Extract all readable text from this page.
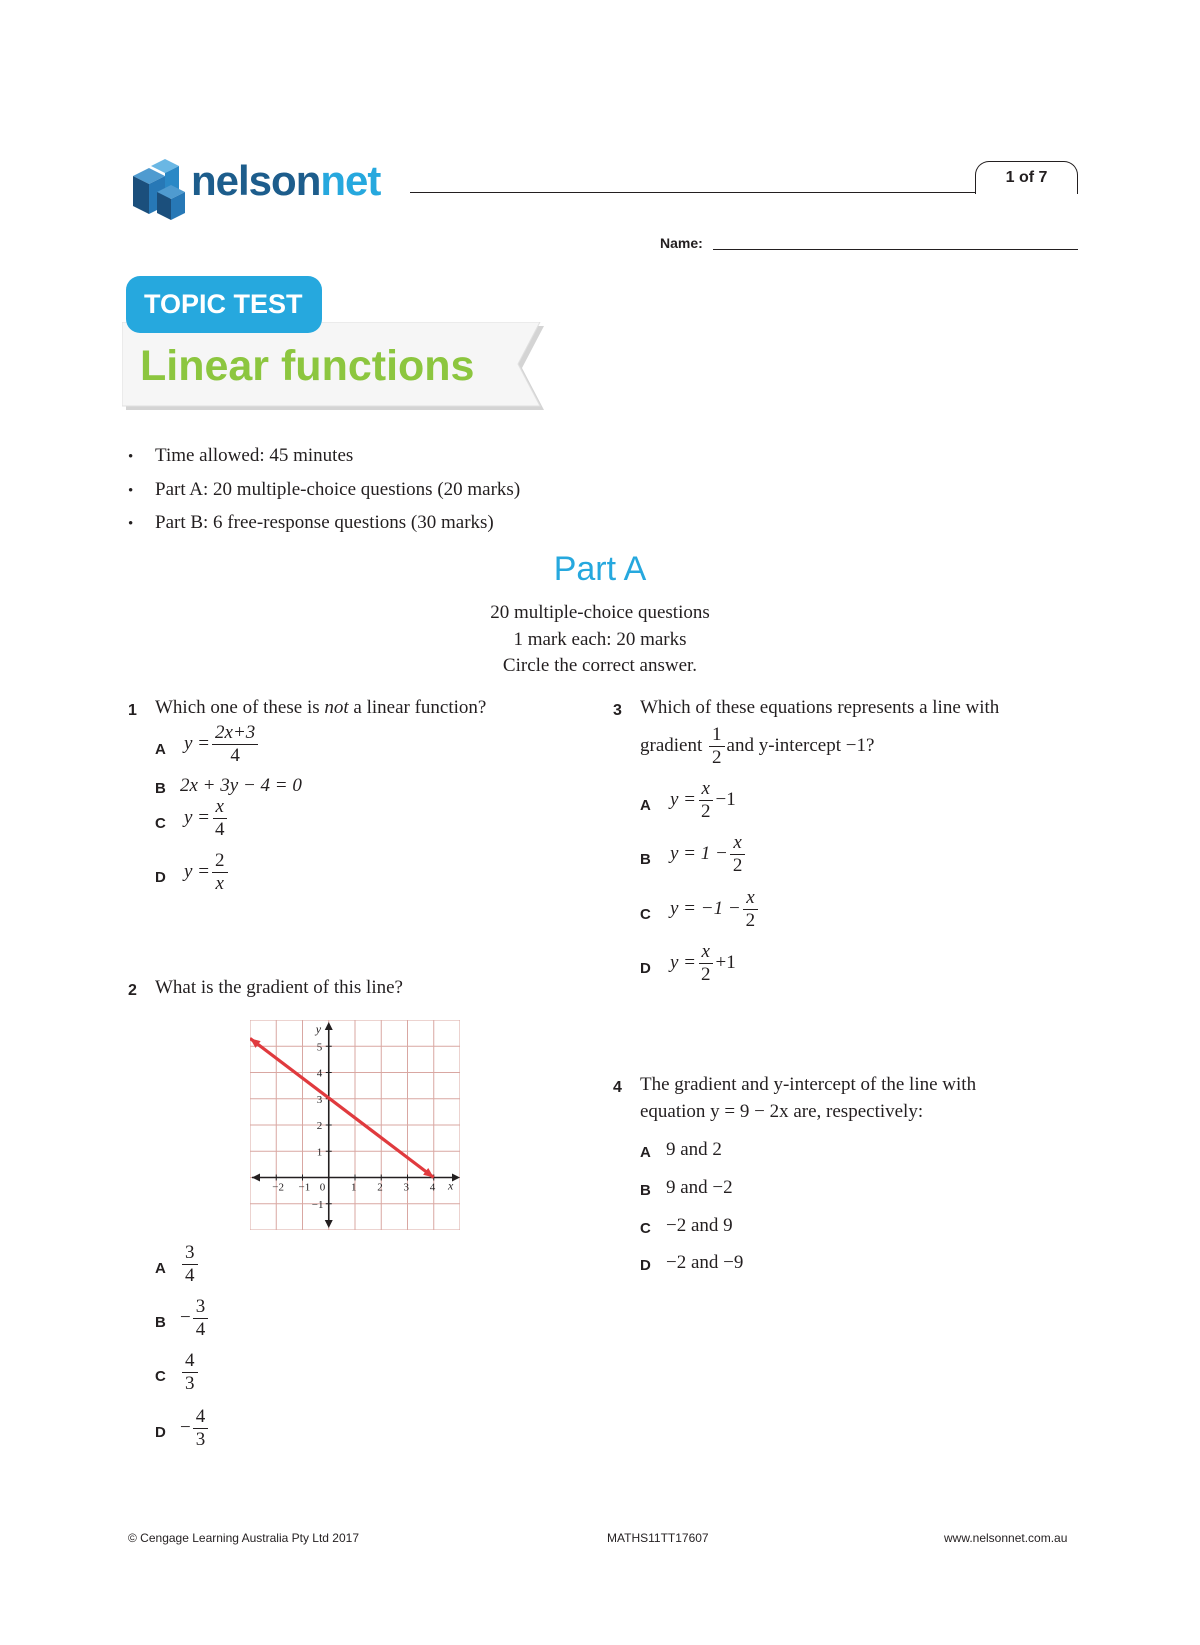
nelsonnet	1 of 7
Name:
TOPIC TEST
Linear functions
• Time allowed: 45 minutes
• Part A: 20 multiple-choice questions (20 marks)
• Part B: 6 free-response questions (30 marks)
Part A
20 multiple-choice questions
1 mark each: 20 marks
Circle the correct answer.
1 Which one of these is not a linear function?
A $y = \frac{2x+3}{4}$
B 2x + 3y − 4 = 0
C $y = \frac{x}{4}$
D $y = \frac{2}{x}$
2 What is the gradient of this line?
−2 −1 0 1 2 3 4
5
4
3
2
1
−1
x
y
A $\frac{3}{4}$
$B - \frac{3}{4}$
C $\frac{4}{3}$
$D - \frac{4}{3}$
3 Which of these equations represents a line with
gradient
$\frac{1}{2}$ and y-intercept −1?
A $y = \frac{x}{2} -1$
B $y = 1 - \frac{x}{2}$
C $y = -1 - \frac{x}{2}$
D $y = \frac{x}{2} +1$
4 The gradient and y-intercept of the line with
equation y = 9 − 2x are, respectively:
A 9 and 2
B 9 and −2
C −2 and 9
D −2 and −9
© Cengage Learning Australia Pty Ltd 2017	MATHS11TT17607	www.nelsonnet.com.au
